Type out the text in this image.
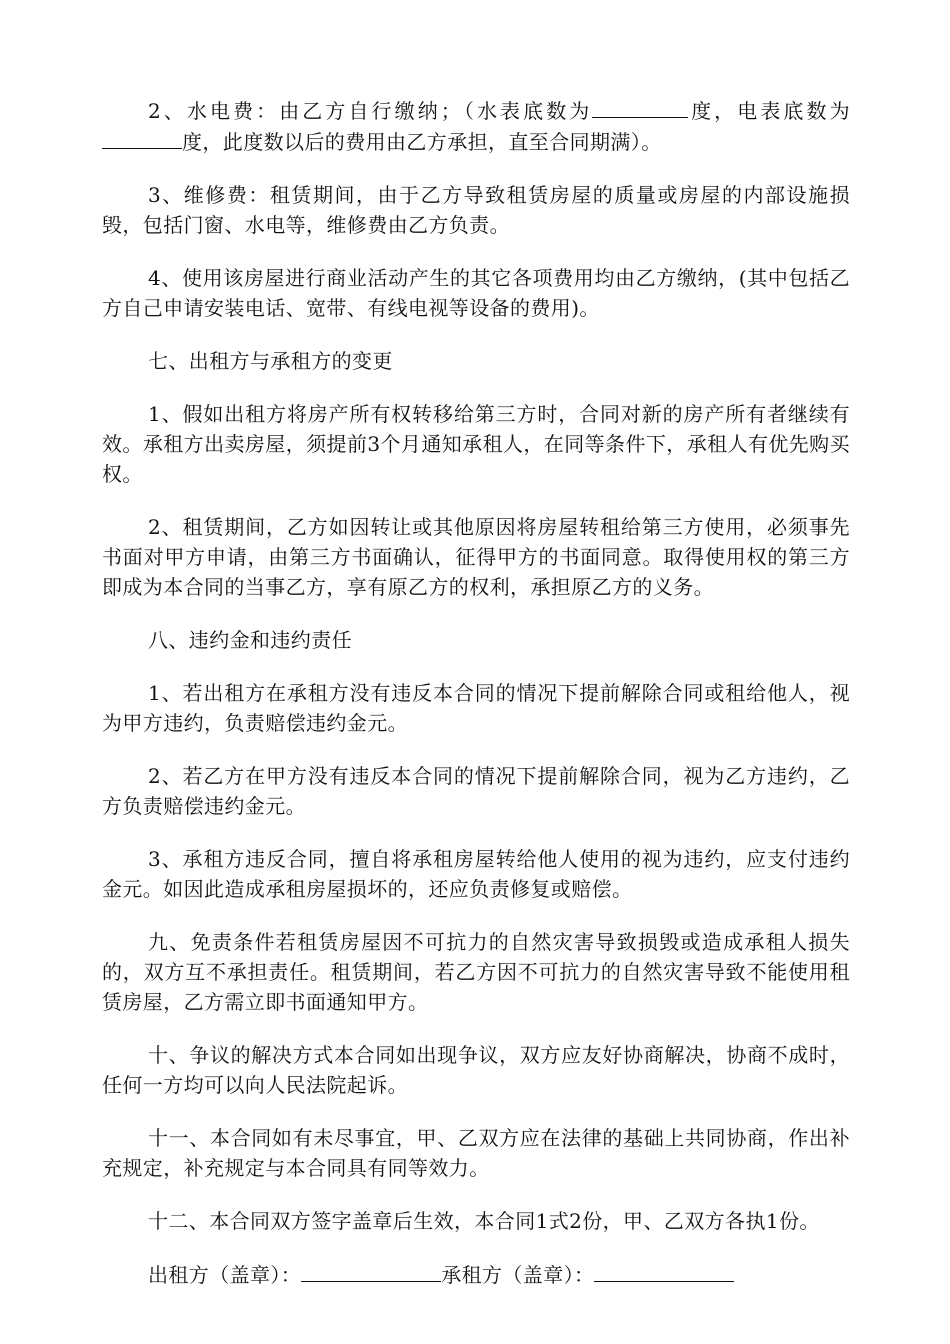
2、水电费：由乙方自行缴纳；（水表底数为	度，电表底数为度，此度数以后的费用由乙方承担，直至合同期满）。

3、维修费：租赁期间，由于乙方导致租赁房屋的质量或房屋的内部设施损毁，包括门窗、水电等，维修费由乙方负责。

4、使用该房屋进行商业活动产生的其它各项费用均由乙方缴纳，(其中包括乙方自己申请安装电话、宽带、有线电视等设备的费用)。

七、出租方与承租方的变更

1、假如出租方将房产所有权转移给第三方时，合同对新的房产所有者继续有效。承租方出卖房屋，须提前3个月通知承租人，在同等条件下，承租人有优先购买权。

2、租赁期间，乙方如因转让或其他原因将房屋转租给第三方使用，必须事先书面对甲方申请，由第三方书面确认，征得甲方的书面同意。取得使用权的第三方即成为本合同的当事乙方，享有原乙方的权利，承担原乙方的义务。

八、违约金和违约责任

1、若出租方在承租方没有违反本合同的情况下提前解除合同或租给他人，视为甲方违约，负责赔偿违约金元。

2、若乙方在甲方没有违反本合同的情况下提前解除合同，视为乙方违约，乙方负责赔偿违约金元。

3、承租方违反合同，擅自将承租房屋转给他人使用的视为违约，应支付违约金元。如因此造成承租房屋损坏的，还应负责修复或赔偿。

九、免责条件若租赁房屋因不可抗力的自然灾害导致损毁或造成承租人损失的，双方互不承担责任。租赁期间，若乙方因不可抗力的自然灾害导致不能使用租赁房屋，乙方需立即书面通知甲方。

十、争议的解决方式本合同如出现争议，双方应友好协商解决，协商不成时，任何一方均可以向人民法院起诉。

十一、本合同如有未尽事宜，甲、乙双方应在法律的基础上共同协商，作出补充规定，补充规定与本合同具有同等效力。

十二、本合同双方签字盖章后生效，本合同1式2份，甲、乙双方各执1份。

出租方（盖章）：	承租方（盖章）：
